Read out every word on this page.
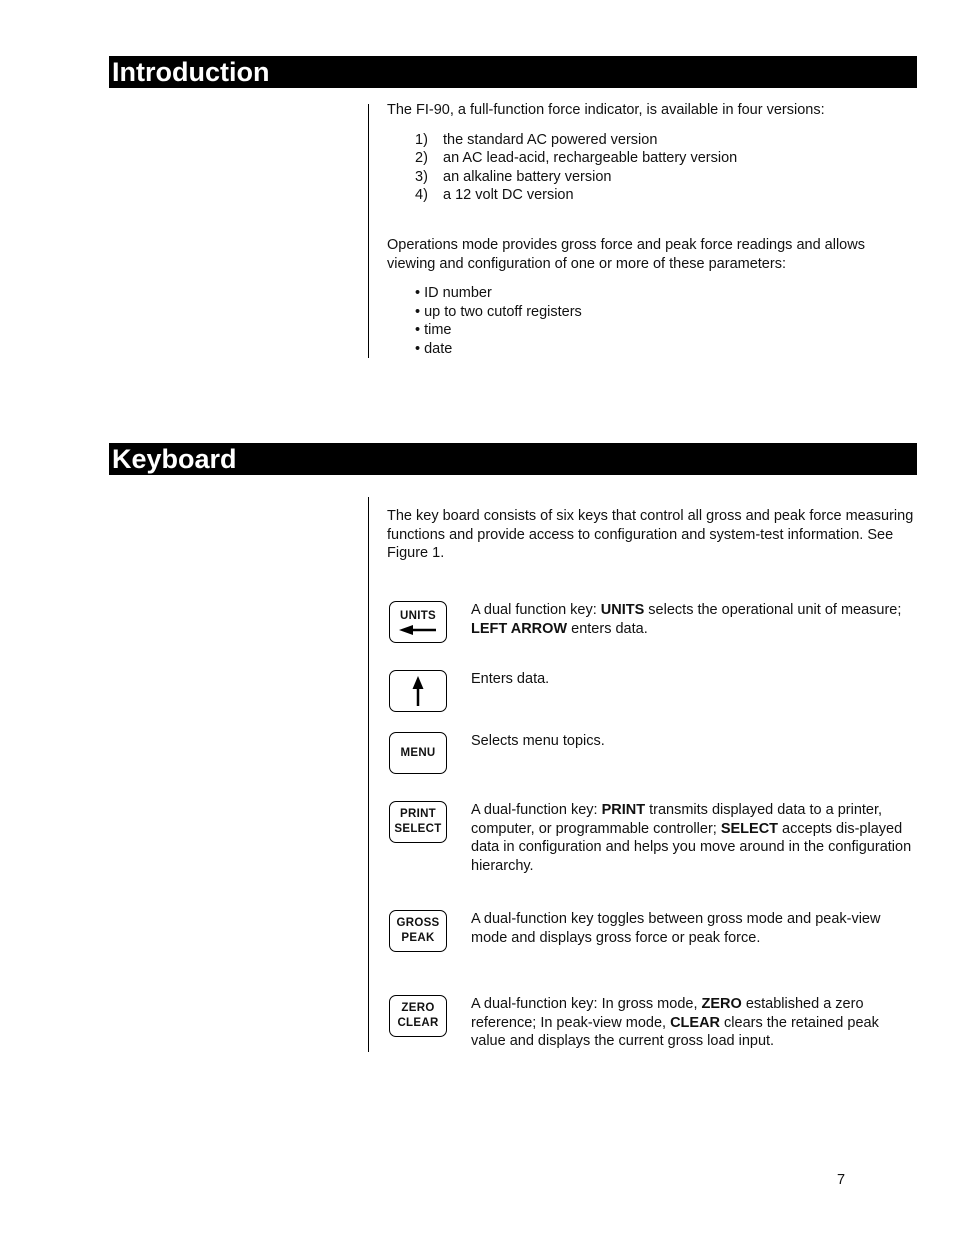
Introduction

The FI-90, a full-function force indicator, is available in four versions:

1)	the standard AC powered version
2)	an AC lead-acid, rechargeable battery version
3)	an alkaline battery version
4)	a 12 volt DC version

Operations mode provides gross force and peak force readings and allows viewing and configuration of one or more of these parameters:

• ID number
• up to two cutoff registers
• time
• date
Keyboard
The key board consists of six keys that control all gross and peak force measuring functions and provide access to configuration and system-test information. See Figure 1.
UNITS A dual function key: UNITS selects the operational unit of measure; LEFT ARROW enters data.
Enters data.
MENU
Selects menu topics.
PRINT
SELECT
A dual-function key: PRINT transmits displayed data to a printer, computer, or programmable controller; SELECT accepts dis-played data in configuration and helps you move around in the configuration hierarchy.
GROSS
PEAK
A dual-function key toggles between gross mode and peak-view mode and displays gross force or peak force.
ZERO
CLEAR
A dual-function key: In gross mode, ZERO established a zero reference; In peak-view mode, CLEAR clears the retained peak value and displays the current gross load input.
7
